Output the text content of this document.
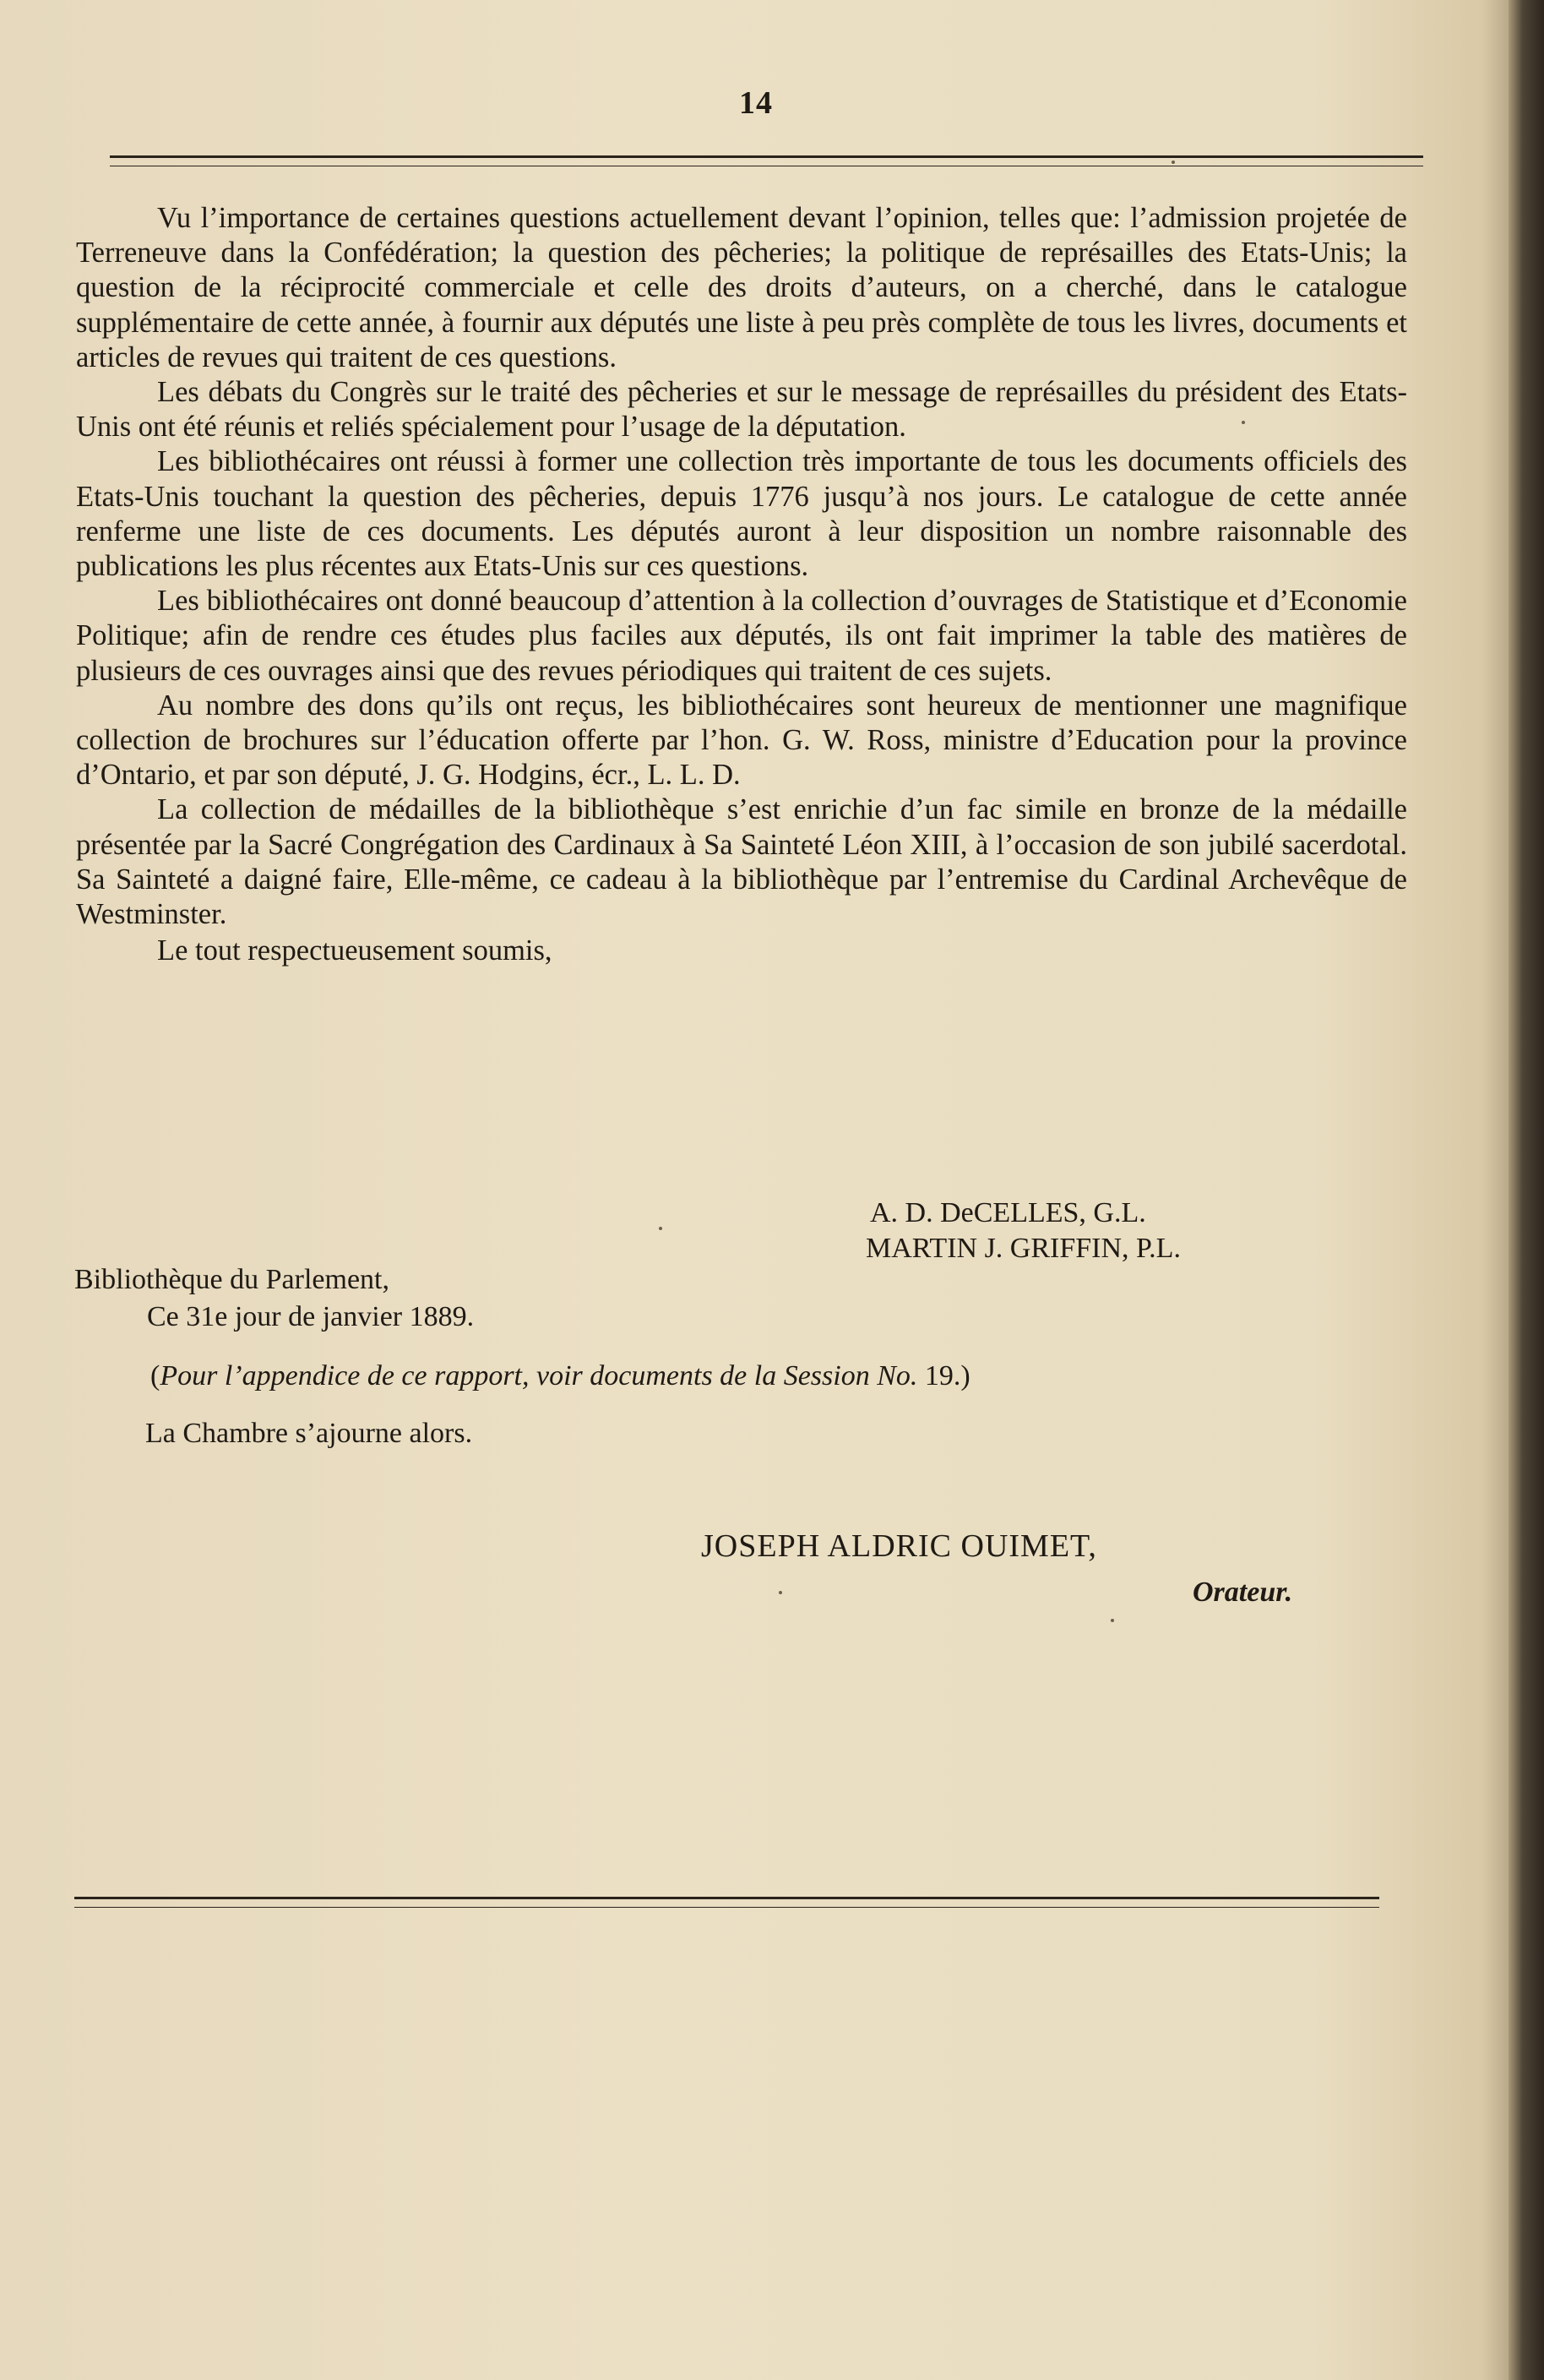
14

Vu l’importance de certaines questions actuellement devant l’opinion, telles que: l’admission projetée de Terreneuve dans la Confédération; la question des pêcheries; la politique de représailles des Etats-Unis; la question de la réciprocité commerciale et celle des droits d’auteurs, on a cherché, dans le catalogue supplémentaire de cette année, à fournir aux députés une liste à peu près complète de tous les livres, documents et articles de revues qui traitent de ces questions.

Les débats du Congrès sur le traité des pêcheries et sur le message de représailles du président des Etats-Unis ont été réunis et reliés spécialement pour l’usage de la députation.

Les bibliothécaires ont réussi à former une collection très importante de tous les documents officiels des Etats-Unis touchant la question des pêcheries, depuis 1776 jusqu’à nos jours. Le catalogue de cette année renferme une liste de ces documents. Les députés auront à leur disposition un nombre raisonnable des publications les plus récentes aux Etats-Unis sur ces questions.

Les bibliothécaires ont donné beaucoup d’attention à la collection d’ouvrages de Statistique et d’Economie Politique; afin de rendre ces études plus faciles aux députés, ils ont fait imprimer la table des matières de plusieurs de ces ouvrages ainsi que des revues périodiques qui traitent de ces sujets.

Au nombre des dons qu’ils ont reçus, les bibliothécaires sont heureux de mentionner une magnifique collection de brochures sur l’éducation offerte par l’hon. G. W. Ross, ministre d’Education pour la province d’Ontario, et par son député, J. G. Hodgins, écr., L. L. D.

La collection de médailles de la bibliothèque s’est enrichie d’un fac simile en bronze de la médaille présentée par la Sacré Congrégation des Cardinaux à Sa Sainteté Léon XIII, à l’occasion de son jubilé sacerdotal. Sa Sainteté a daigné faire, Elle-même, ce cadeau à la bibliothèque par l’entremise du Cardinal Archevêque de Westminster.

Le tout respectueusement soumis,

A. D. DeCELLES, G.L.
MARTIN J. GRIFFIN, P.L.
Bibliothèque du Parlement,
Ce 31e jour de janvier 1889.
(Pour l’appendice de ce rapport, voir documents de la Session No. 19.)
La Chambre s’ajourne alors.
JOSEPH ALDRIC OUIMET,
Orateur.
